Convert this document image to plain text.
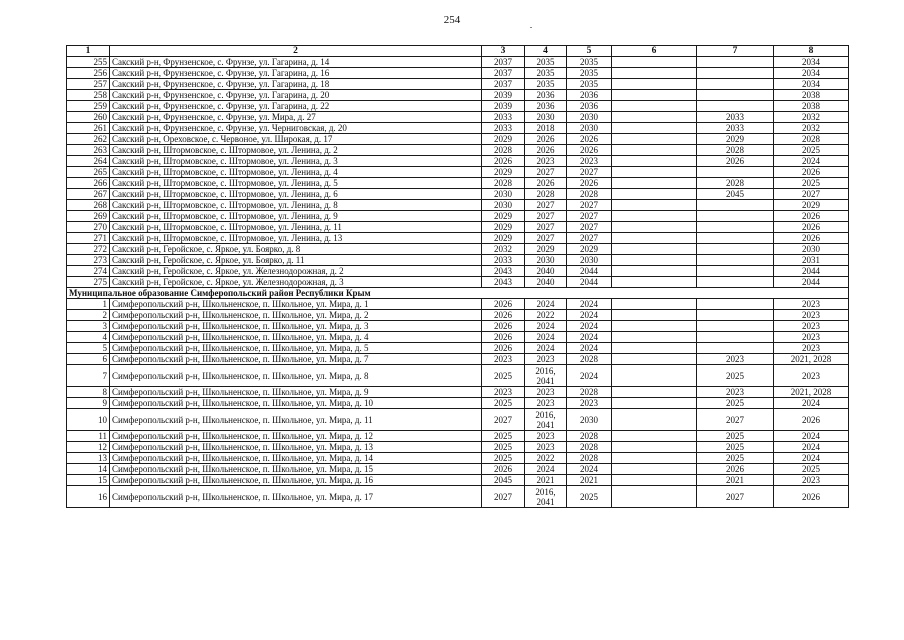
254
1	2	3	4	5	6	7	8
255	Сакский р-н, Фрунзенское, с. Фрунзе, ул. Гагарина, д. 14	2037	2035	2035			2034
256	Сакский р-н, Фрунзенское, с. Фрунзе, ул. Гагарина, д. 16	2037	2035	2035			2034
257	Сакский р-н, Фрунзенское, с. Фрунзе, ул. Гагарина, д. 18	2037	2035	2035			2034
258	Сакский р-н, Фрунзенское, с. Фрунзе, ул. Гагарина, д. 20	2039	2036	2036			2038
259	Сакский р-н, Фрунзенское, с. Фрунзе, ул. Гагарина, д. 22	2039	2036	2036			2038
260	Сакский р-н, Фрунзенское, с. Фрунзе, ул. Мира, д. 27	2033	2030	2030		2033	2032
261	Сакский р-н, Фрунзенское, с. Фрунзе, ул. Черниговская, д. 20	2033	2018	2030		2033	2032
262	Сакский р-н, Ореховское, с. Червоное, ул. Широкая, д. 17	2029	2026	2026		2029	2028
263	Сакский р-н, Штормовское, с. Штормовое, ул. Ленина, д. 2	2028	2026	2026		2028	2025
264	Сакский р-н, Штормовское, с. Штормовое, ул. Ленина, д. 3	2026	2023	2023		2026	2024
265	Сакский р-н, Штормовское, с. Штормовое, ул. Ленина, д. 4	2029	2027	2027			2026
266	Сакский р-н, Штормовское, с. Штормовое, ул. Ленина, д. 5	2028	2026	2026		2028	2025
267	Сакский р-н, Штормовское, с. Штормовое, ул. Ленина, д. 6	2030	2028	2028		2045	2027
268	Сакский р-н, Штормовское, с. Штормовое, ул. Ленина, д. 8	2030	2027	2027			2029
269	Сакский р-н, Штормовское, с. Штормовое, ул. Ленина, д. 9	2029	2027	2027			2026
270	Сакский р-н, Штормовское, с. Штормовое, ул. Ленина, д. 11	2029	2027	2027			2026
271	Сакский р-н, Штормовское, с. Штормовое, ул. Ленина, д. 13	2029	2027	2027			2026
272	Сакский р-н, Геройское, с. Яркое, ул. Боярко, д. 8	2032	2029	2029			2030
273	Сакский р-н, Геройское, с. Яркое, ул. Боярко, д. 11	2033	2030	2030			2031
274	Сакский р-н, Геройское, с. Яркое, ул. Железнодорожная, д. 2	2043	2040	2044			2044
275	Сакский р-н, Геройское, с. Яркое, ул. Железнодорожная, д. 3	2043	2040	2044			2044
Муниципальное образование Симферопольский район Республики Крым							
1	Симферопольский р-н, Школьненское, п. Школьное, ул. Мира, д. 1	2026	2024	2024			2023
2	Симферопольский р-н, Школьненское, п. Школьное, ул. Мира, д. 2	2026	2022	2024			2023
3	Симферопольский р-н, Школьненское, п. Школьное, ул. Мира, д. 3	2026	2024	2024			2023
4	Симферопольский р-н, Школьненское, п. Школьное, ул. Мира, д. 4	2026	2024	2024			2023
5	Симферопольский р-н, Школьненское, п. Школьное, ул. Мира, д. 5	2026	2024	2024			2023
6	Симферопольский р-н, Школьненское, п. Школьное, ул. Мира, д. 7	2023	2023	2028		2023	2021, 2028
7	Симферопольский р-н, Школьненское, п. Школьное, ул. Мира, д. 8	2025	2016,
2041	2024		2025	2023
8	Симферопольский р-н, Школьненское, п. Школьное, ул. Мира, д. 9	2023	2023	2028		2023	2021, 2028
9	Симферопольский р-н, Школьненское, п. Школьное, ул. Мира, д. 10	2025	2023	2023		2025	2024
10	Симферопольский р-н, Школьненское, п. Школьное, ул. Мира, д. 11	2027	2016,
2041	2030		2027	2026
11	Симферопольский р-н, Школьненское, п. Школьное, ул. Мира, д. 12	2025	2023	2028		2025	2024
12	Симферопольский р-н, Школьненское, п. Школьное, ул. Мира, д. 13	2025	2023	2028		2025	2024
13	Симферопольский р-н, Школьненское, п. Школьное, ул. Мира, д. 14	2025	2022	2028		2025	2024
14	Симферопольский р-н, Школьненское, п. Школьное, ул. Мира, д. 15	2026	2024	2024		2026	2025
15	Симферопольский р-н, Школьненское, п. Школьное, ул. Мира, д. 16	2045	2021	2021		2021	2023
16	Симферопольский р-н, Школьненское, п. Школьное, ул. Мира, д. 17	2027	2016,
2041	2025		2027	2026
